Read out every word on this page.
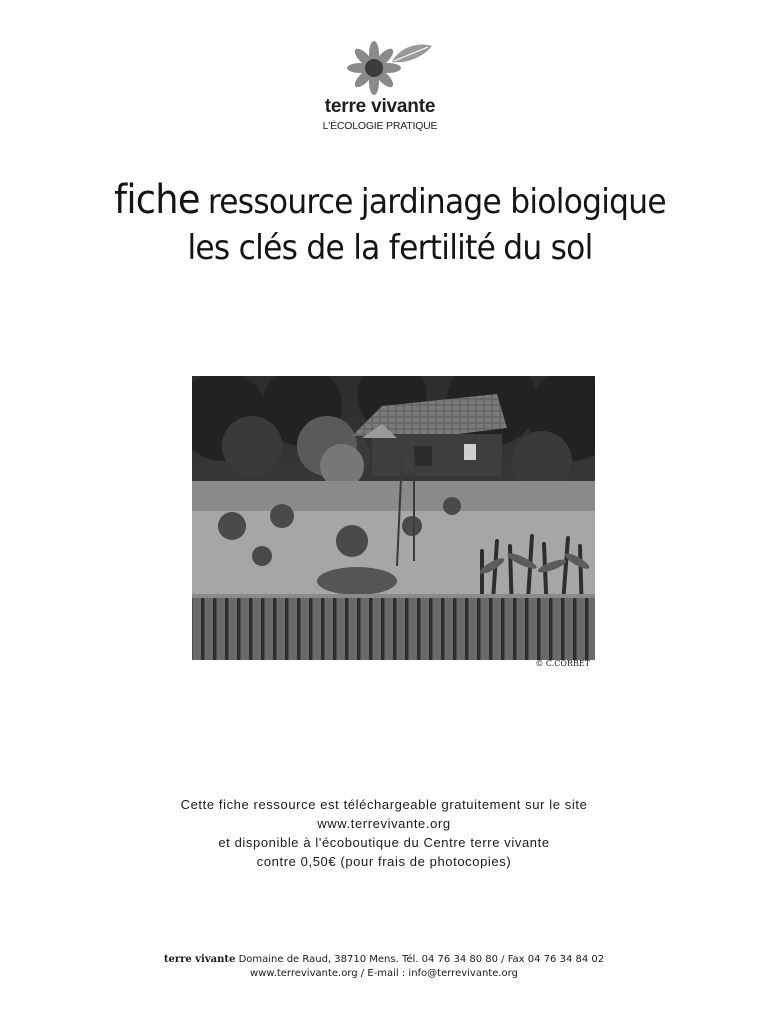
terre vivante
L'ÉCOLOGIE PRATIQUE
fiche ressource jardinage biologique
les clés de la fertilité du sol
© C.CORBET
Cette fiche ressource est téléchargeable gratuitement sur le site
www.terrevivante.org
et disponible à l'écoboutique du Centre terre vivante
contre 0,50€ (pour frais de photocopies)
terre vivante Domaine de Raud, 38710 Mens. Tél. 04 76 34 80 80 / Fax 04 76 34 84 02
www.terrevivante.org / E-mail : info@terrevivante.org
